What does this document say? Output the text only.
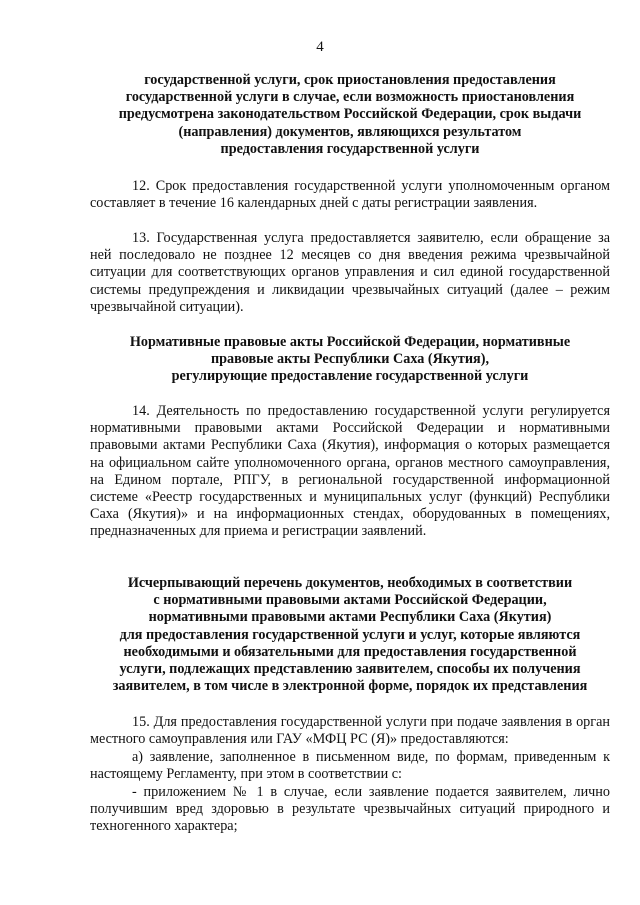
4
государственной услуги, срок приостановления предоставления
государственной услуги в случае, если возможность приостановления
предусмотрена законодательством Российской Федерации, срок выдачи
(направления) документов, являющихся результатом
предоставления государственной услуги
12. Срок предоставления государственной услуги уполномоченным органом составляет в течение 16 календарных дней с даты регистрации заявления.
13. Государственная услуга предоставляется заявителю, если обращение за ней последовало не позднее 12 месяцев со дня введения режима чрезвычайной ситуации для соответствующих органов управления и сил единой государственной системы предупреждения и ликвидации чрезвычайных ситуаций (далее – режим чрезвычайной ситуации).
Нормативные правовые акты Российской Федерации, нормативные
правовые акты Республики Саха (Якутия),
регулирующие предоставление государственной услуги
14. Деятельность по предоставлению государственной услуги регулируется нормативными правовыми актами Российской Федерации и нормативными правовыми актами Республики Саха (Якутия), информация о которых размещается на официальном сайте уполномоченного органа, органов местного самоуправления, на Едином портале, РПГУ, в региональной государственной информационной системе «Реестр государственных и муниципальных услуг (функций) Республики Саха (Якутия)» и на информационных стендах, оборудованных в помещениях, предназначенных для приема и регистрации заявлений.
Исчерпывающий перечень документов, необходимых в соответствии
с нормативными правовыми актами Российской Федерации,
нормативными правовыми актами Республики Саха (Якутия)
для предоставления государственной услуги и услуг, которые являются
необходимыми и обязательными для предоставления государственной
услуги, подлежащих представлению заявителем, способы их получения
заявителем, в том числе в электронной форме, порядок их представления
15. Для предоставления государственной услуги при подаче заявления в орган местного самоуправления или ГАУ «МФЦ РС (Я)» предоставляются:
а) заявление, заполненное в письменном виде, по формам, приведенным к настоящему Регламенту, при этом в соответствии с:
- приложением № 1 в случае, если заявление подается заявителем, лично получившим вред здоровью в результате чрезвычайных ситуаций природного и техногенного характера;
